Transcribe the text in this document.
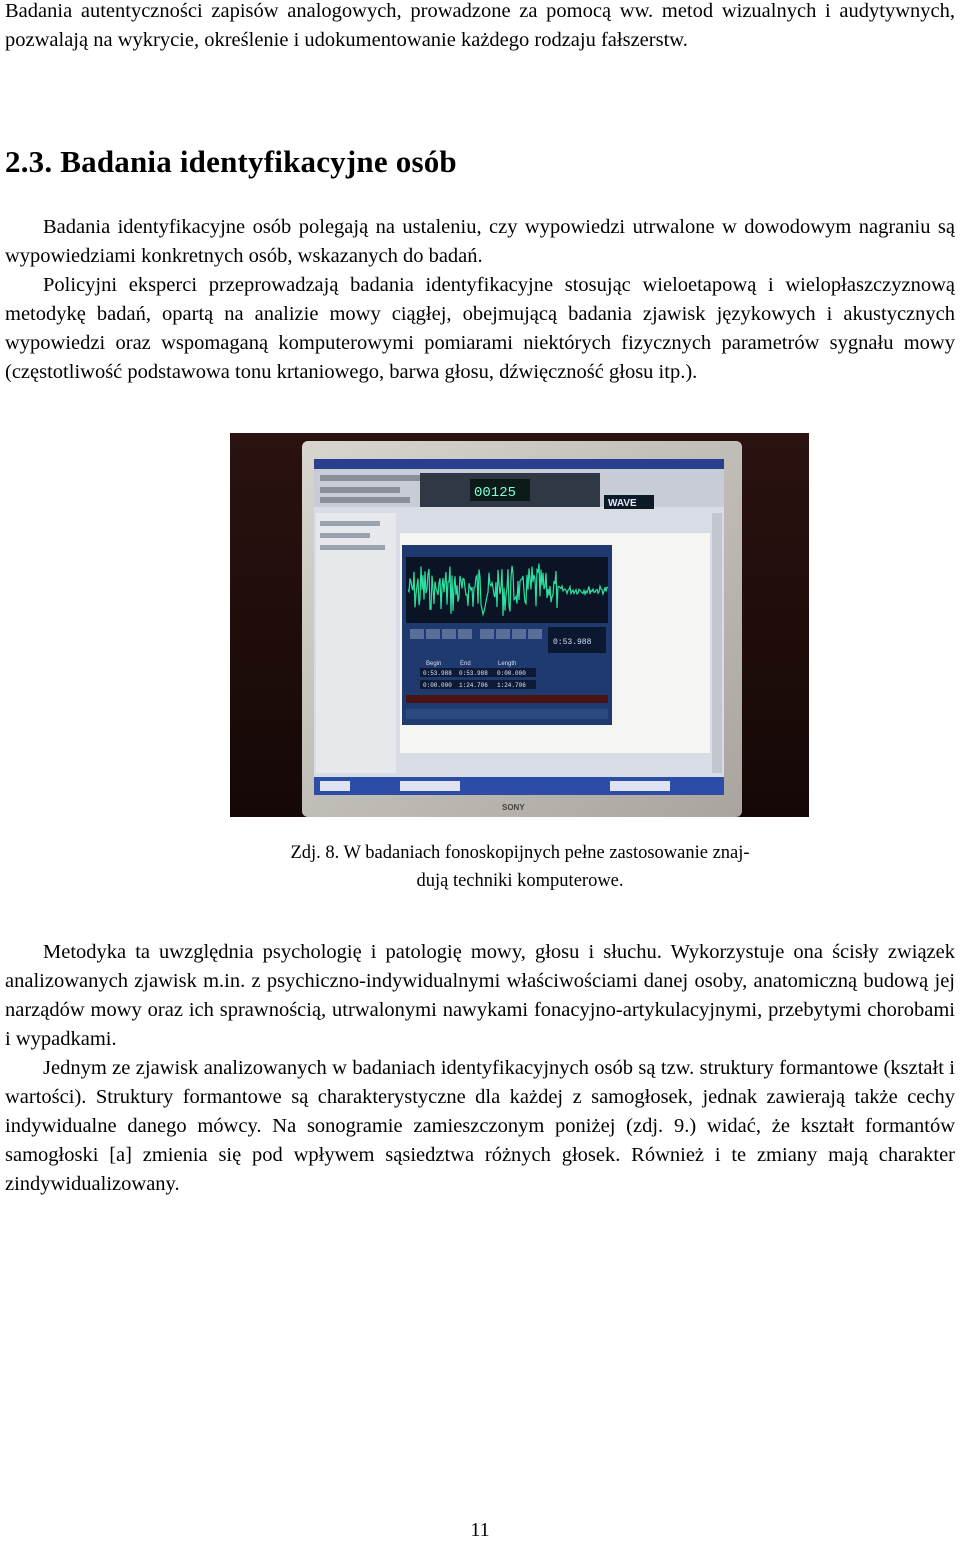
Badania autentyczności zapisów analogowych, prowadzone za pomocą ww. metod wizualnych i audytywnych, pozwalają na wykrycie, określenie i udokumentowanie każdego rodzaju fałszerstw.

2.3. Badania identyfikacyjne osób

Badania identyfikacyjne osób polegają na ustaleniu, czy wypowiedzi utrwalone w dowodowym nagraniu są wypowiedziami konkretnych osób, wskazanych do badań.

Policyjni eksperci przeprowadzają badania identyfikacyjne stosując wieloetapową i wielopłaszczyznową metodykę badań, opartą na analizie mowy ciągłej, obejmującą badania zjawisk językowych i akustycznych wypowiedzi oraz wspomaganą komputerowymi pomiarami niektórych fizycznych parametrów sygnału mowy (częstotliwość podstawowa tonu krtaniowego, barwa głosu, dźwięczność głosu itp.).

00125
WAVE
0:53.988
Begin	End	Length
0:53.988 0:53.988 0:00.000
0:00.000 1:24.706 1:24.706
SONY

Zdj. 8. W badaniach fonoskopijnych pełne zastosowanie znaj-
dują techniki komputerowe.

Metodyka ta uwzględnia psychologię i patologię mowy, głosu i słuchu. Wykorzystuje ona ścisły związek analizowanych zjawisk m.in. z psychiczno-indywidualnymi właściwościami danej osoby, anatomiczną budową jej narządów mowy oraz ich sprawnością, utrwalonymi nawykami fonacyjno-artykulacyjnymi, przebytymi chorobami i wypadkami.

Jednym ze zjawisk analizowanych w badaniach identyfikacyjnych osób są tzw. struktury formantowe (kształt i wartości). Struktury formantowe są charakterystyczne dla każdej z samogłosek, jednak zawierają także cechy indywidualne danego mówcy. Na sonogramie zamieszczonym poniżej (zdj. 9.) widać, że kształt formantów samogłoski [a] zmienia się pod wpływem sąsiedztwa różnych głosek. Również i te zmiany mają charakter zindywidualizowany.

11
